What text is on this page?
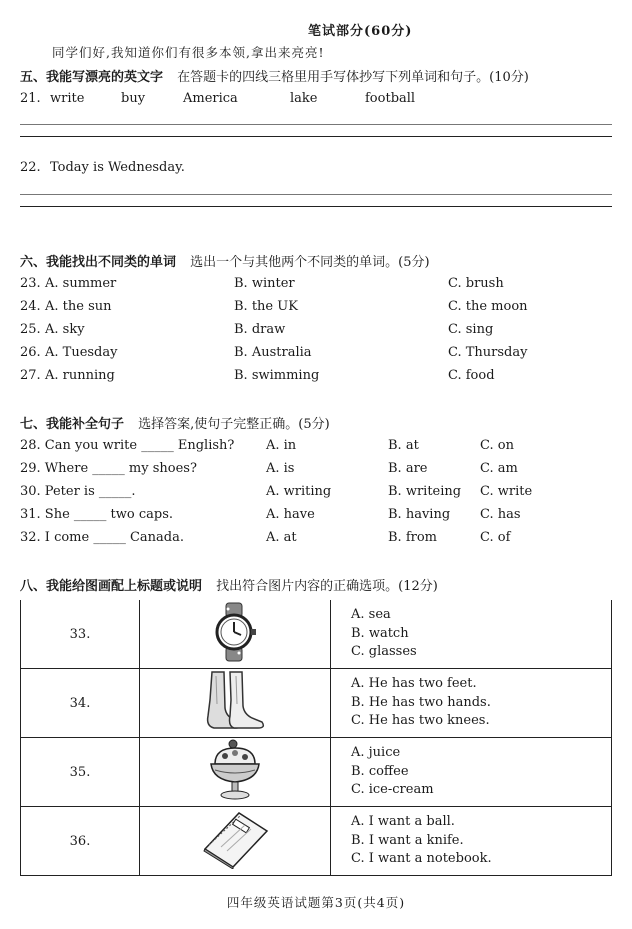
笔试部分(60分)
同学们好,我知道你们有很多本领,拿出来亮亮!
五、我能写漂亮的英文字 在答题卡的四线三格里用手写体抄写下列单词和句子。(10分)
21. write	buy	America	lake	football
22. Today is Wednesday.
六、我能找出不同类的单词 选出一个与其他两个不同类的单词。(5分)
23. A. summer	B. winter	C. brush
24. A. the sun	B. the UK	C. the moon
25. A. sky	B. draw	C. sing
26. A. Tuesday	B. Australia	C. Thursday
27. A. running	B. swimming	C. food
七、我能补全句子 选择答案,使句子完整正确。(5分)
28. Can you write _____ English? A. in	B. at	C. on
29. Where _____ my shoes?	A. is	B. are	C. am
30. Peter is _____.	A. writing	B. writeing C. write
31. She _____ two caps.	A. have	B. having C. has
32. I come _____ Canada.	A. at	B. from	C. of
八、我能给图画配上标题或说明 找出符合图片内容的正确选项。(12分)
33.		A. sea
B. watch
C. glasses

34.		A. He has two feet.
B. He has two hands.
C. He has two knees.

35.		A. juice
B. coffee
C. ice-cream

36.		A. I want a ball.
B. I want a knife.
C. I want a notebook.
四年级英语试题第3页(共4页)
